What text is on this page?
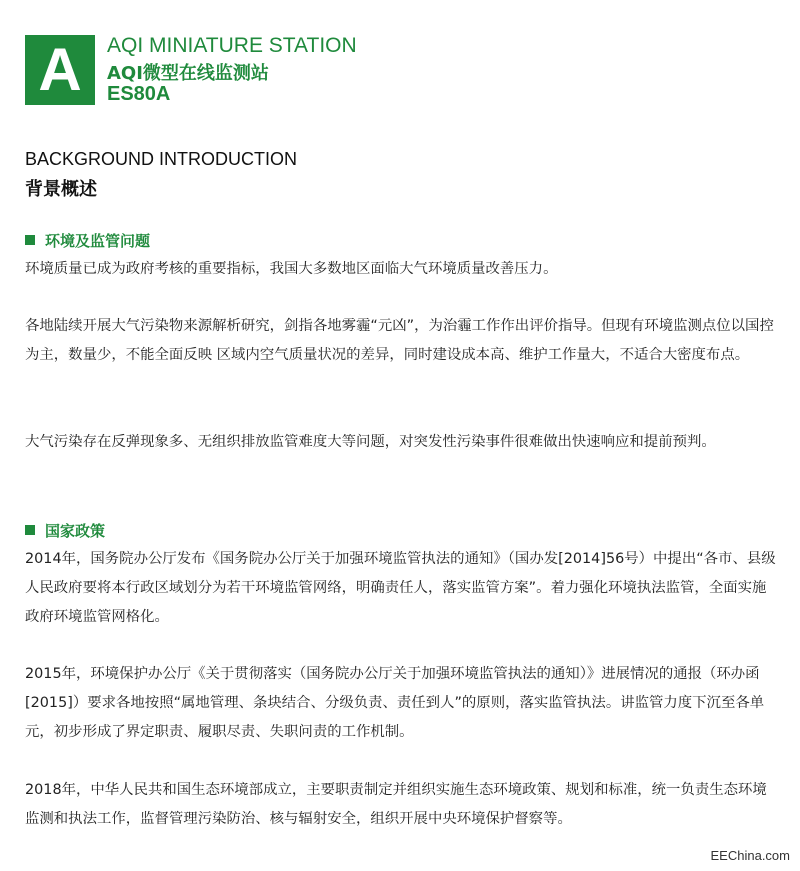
A	AQI MINIATURE STATION
AQI微型在线监测站
ES80A
BACKGROUND INTRODUCTION
背景概述
环境及监管问题
环境质量已成为政府考核的重要指标，我国大多数地区面临大气环境质量改善压力。
各地陆续开展大气污染物来源解析研究，剑指各地雾霾“元凶”，为治霾工作作出评价指导。但现有环境监测点位以国控为主，数量少，不能全面反映 区域内空气质量状况的差异，同时建设成本高、维护工作量大，不适合大密度布点。
大气污染存在反弹现象多、无组织排放监管难度大等问题，对突发性污染事件很难做出快速响应和提前预判。
国家政策
2014年，国务院办公厅发布《国务院办公厅关于加强环境监管执法的通知》（国办发[2014]56号）中提出“各市、县级人民政府要将本行政区域划分为若干环境监管网络，明确责任人，落实监管方案”。着力强化环境执法监管，全面实施政府环境监管网格化。
2015年，环境保护办公厅《关于贯彻落实（国务院办公厅关于加强环境监管执法的通知）》进展情况的通报（环办函[2015]）要求各地按照“属地管理、条块结合、分级负责、责任到人”的原则，落实监管执法。讲监管力度下沉至各单元，初步形成了界定职责、履职尽责、失职问责的工作机制。
2018年，中华人民共和国生态环境部成立，主要职责制定并组织实施生态环境政策、规划和标准，统一负责生态环境监测和执法工作，监督管理污染防治、核与辐射安全，组织开展中央环境保护督察等。
EEChina.com
